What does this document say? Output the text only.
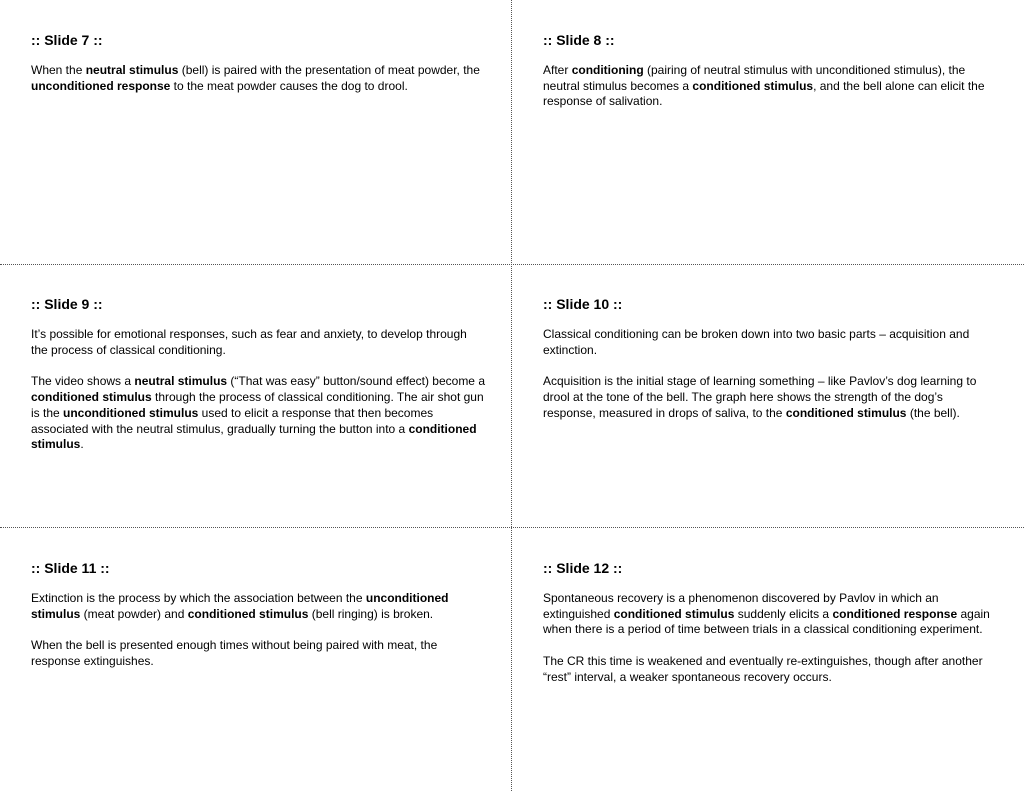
:: Slide 7 ::

When the neutral stimulus (bell) is paired with the presentation of meat powder, the unconditioned response to the meat powder causes the dog to drool.

:: Slide 8 ::

After conditioning (pairing of neutral stimulus with unconditioned stimulus), the neutral stimulus becomes a conditioned stimulus, and the bell alone can elicit the response of salivation.

:: Slide 9 ::

It’s possible for emotional responses, such as fear and anxiety, to develop through the process of classical conditioning.

The video shows a neutral stimulus (“That was easy” button/sound effect) become a conditioned stimulus through the process of classical conditioning. The air shot gun is the unconditioned stimulus used to elicit a response that then becomes associated with the neutral stimulus, gradually turning the button into a conditioned stimulus.

:: Slide 10 ::

Classical conditioning can be broken down into two basic parts – acquisition and extinction.

Acquisition is the initial stage of learning something – like Pavlov’s dog learning to drool at the tone of the bell. The graph here shows the strength of the dog’s response, measured in drops of saliva, to the conditioned stimulus (the bell).

:: Slide 11 ::

Extinction is the process by which the association between the unconditioned stimulus (meat powder) and conditioned stimulus (bell ringing) is broken.

When the bell is presented enough times without being paired with meat, the response extinguishes.

:: Slide 12 ::

Spontaneous recovery is a phenomenon discovered by Pavlov in which an extinguished conditioned stimulus suddenly elicits a conditioned response again when there is a period of time between trials in a classical conditioning experiment.

The CR this time is weakened and eventually re-extinguishes, though after another “rest” interval, a weaker spontaneous recovery occurs.
